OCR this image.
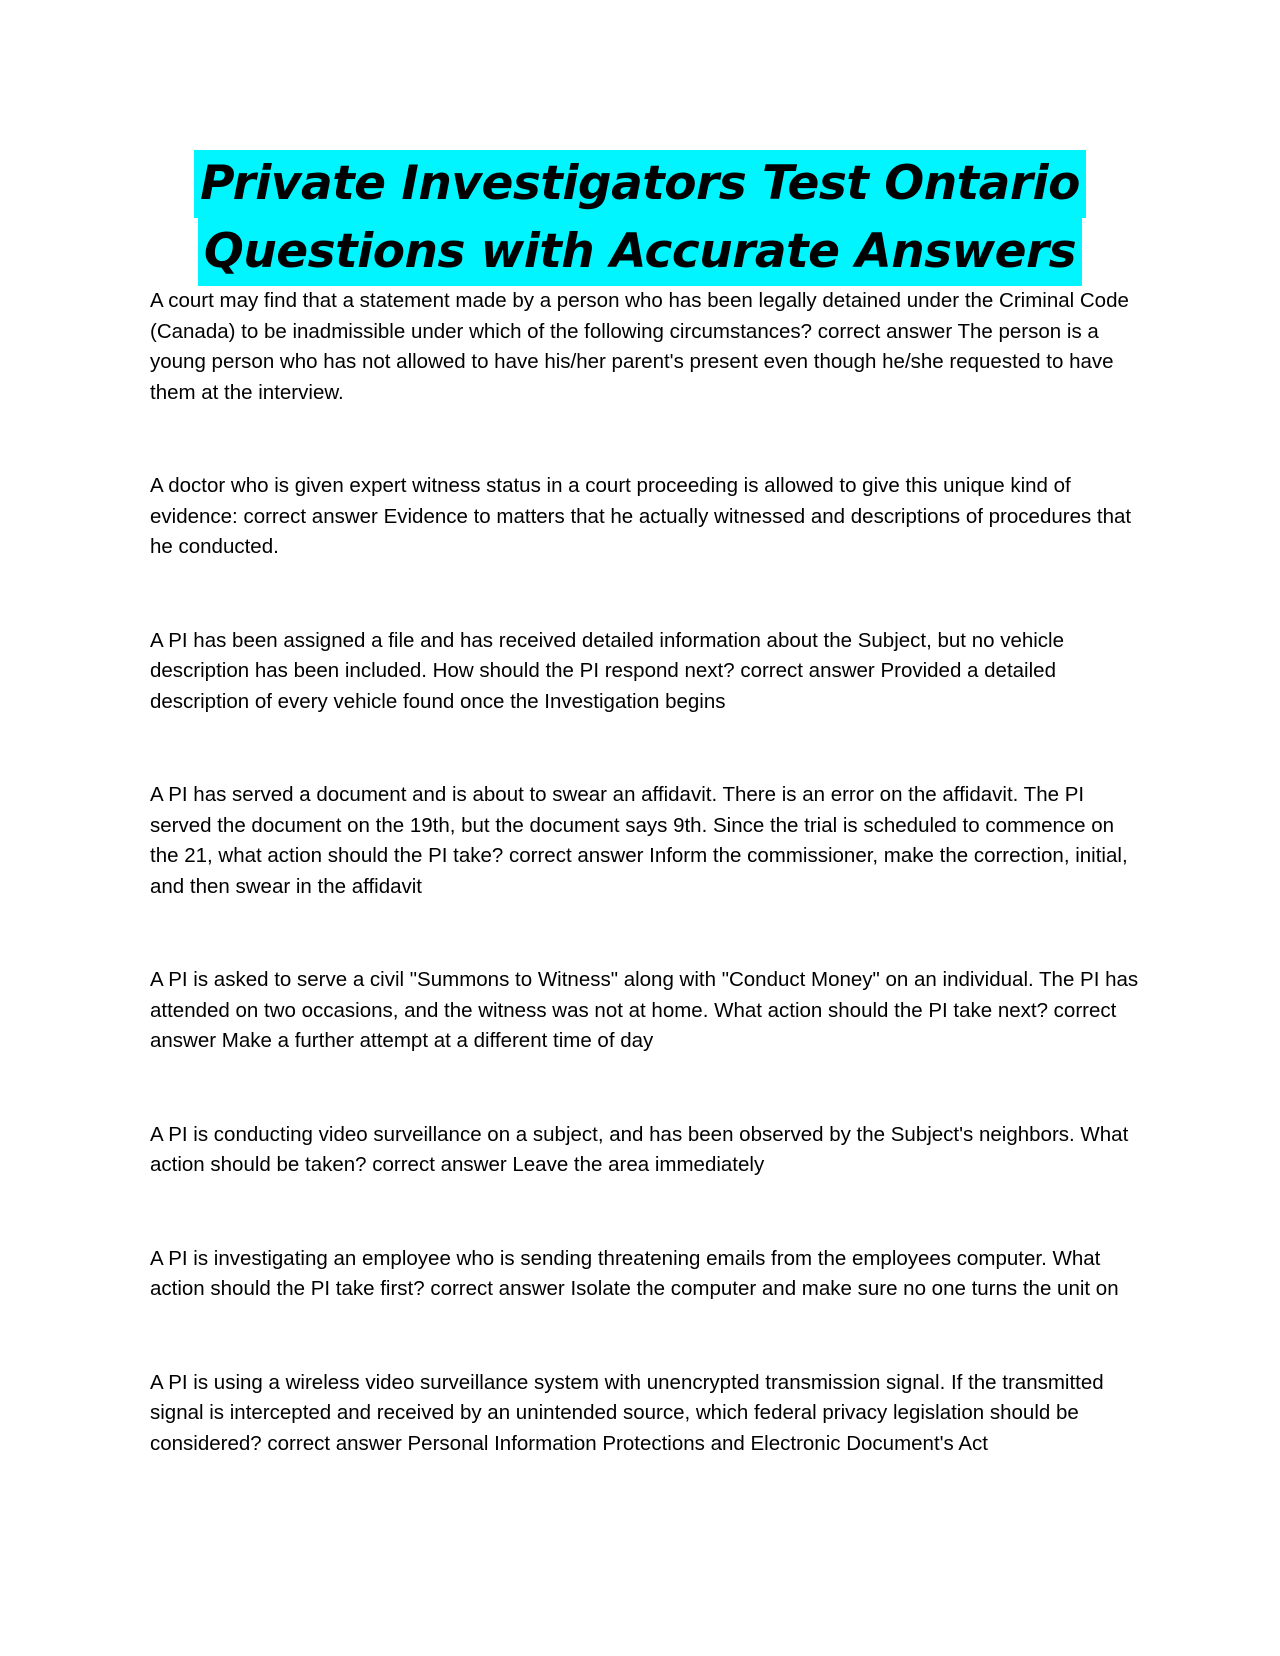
Private Investigators Test Ontario
Questions with Accurate Answers

A court may find that a statement made by a person who has been legally detained under the Criminal Code (Canada) to be inadmissible under which of the following circumstances? correct answer The person is a young person who has not allowed to have his/her parent's present even though he/she requested to have them at the interview.

A doctor who is given expert witness status in a court proceeding is allowed to give this unique kind of evidence: correct answer Evidence to matters that he actually witnessed and descriptions of procedures that he conducted.

A PI has been assigned a file and has received detailed information about the Subject, but no vehicle description has been included. How should the PI respond next? correct answer Provided a detailed description of every vehicle found once the Investigation begins

A PI has served a document and is about to swear an affidavit. There is an error on the affidavit. The PI served the document on the 19th, but the document says 9th. Since the trial is scheduled to commence on the 21, what action should the PI take? correct answer Inform the commissioner, make the correction, initial, and then swear in the affidavit

A PI is asked to serve a civil "Summons to Witness" along with "Conduct Money" on an individual. The PI has attended on two occasions, and the witness was not at home. What action should the PI take next? correct answer Make a further attempt at a different time of day

A PI is conducting video surveillance on a subject, and has been observed by the Subject's neighbors. What action should be taken? correct answer Leave the area immediately

A PI is investigating an employee who is sending threatening emails from the employees computer. What action should the PI take first? correct answer Isolate the computer and make sure no one turns the unit on

A PI is using a wireless video surveillance system with unencrypted transmission signal. If the transmitted signal is intercepted and received by an unintended source, which federal privacy legislation should be considered? correct answer Personal Information Protections and Electronic Document's Act
